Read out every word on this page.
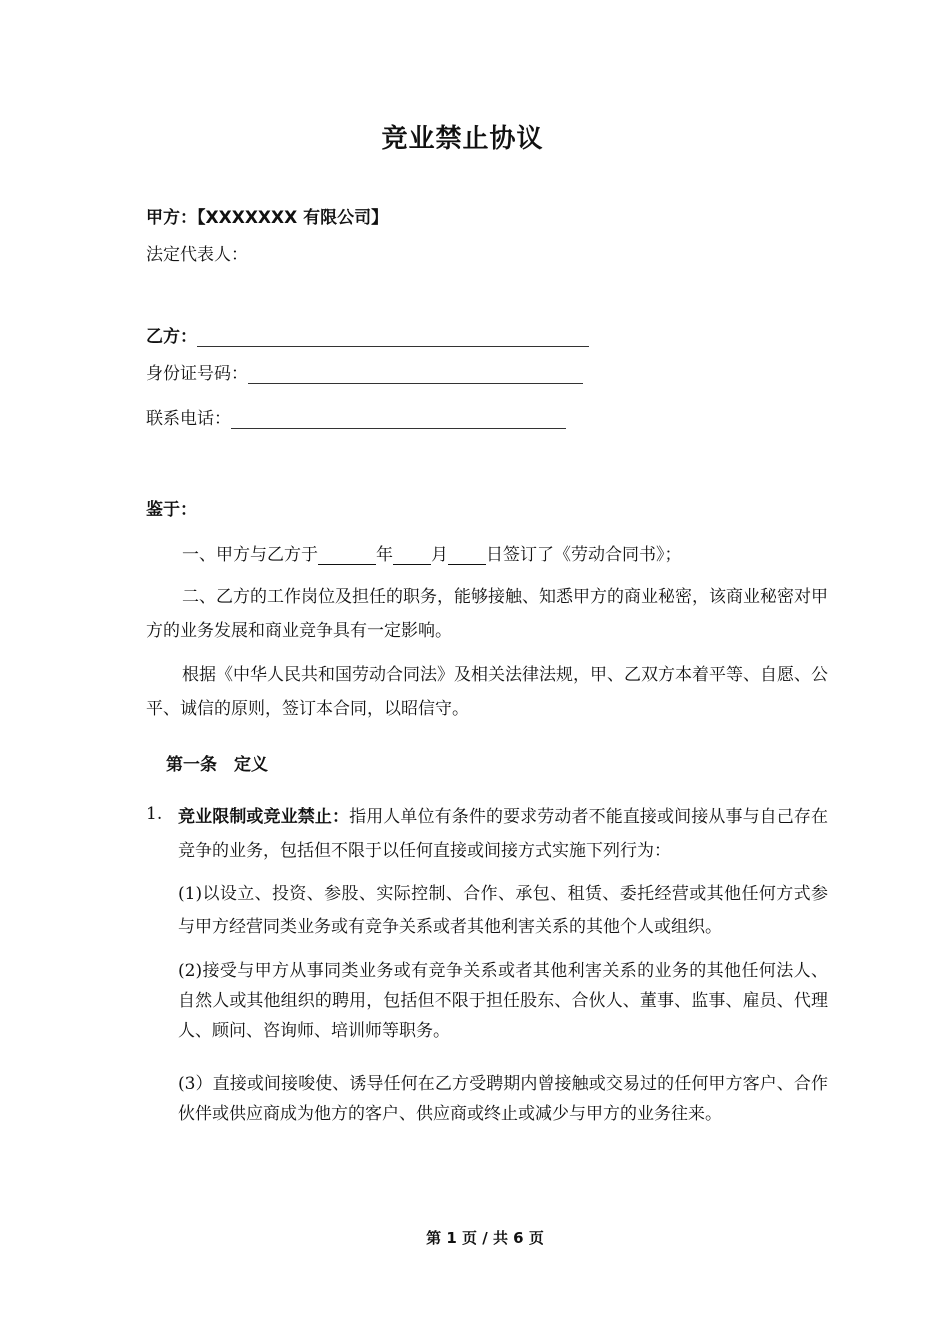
竞业禁止协议
甲方：【XXXXXXX 有限公司】
法定代表人：
乙方：
身份证号码：
联系电话：
鉴于：
一、甲方与乙方于	年 月 日签订了《劳动合同书》；
二、乙方的工作岗位及担任的职务，能够接触、知悉甲方的商业秘密，该商业秘密对甲方的业务发展和商业竞争具有一定影响。
根据《中华人民共和国劳动合同法》及相关法律法规，甲、乙双方本着平等、自愿、公平、诚信的原则，签订本合同，以昭信守。
第一条　定义
1. 竞业限制或竞业禁止：指用人单位有条件的要求劳动者不能直接或间接从事与自己存在竞争的业务，包括但不限于以任何直接或间接方式实施下列行为：
(1)以设立、投资、参股、实际控制、合作、承包、租赁、委托经营或其他任何方式参与甲方经营同类业务或有竞争关系或者其他利害关系的其他个人或组织。
(2)接受与甲方从事同类业务或有竞争关系或者其他利害关系的业务的其他任何法人、自然人或其他组织的聘用，包括但不限于担任股东、合伙人、董事、监事、雇员、代理人、顾问、咨询师、培训师等职务。
(3）直接或间接唆使、诱导任何在乙方受聘期内曾接触或交易过的任何甲方客户、合作伙伴或供应商成为他方的客户、供应商或终止或减少与甲方的业务往来。
第 1 页 / 共 6 页
